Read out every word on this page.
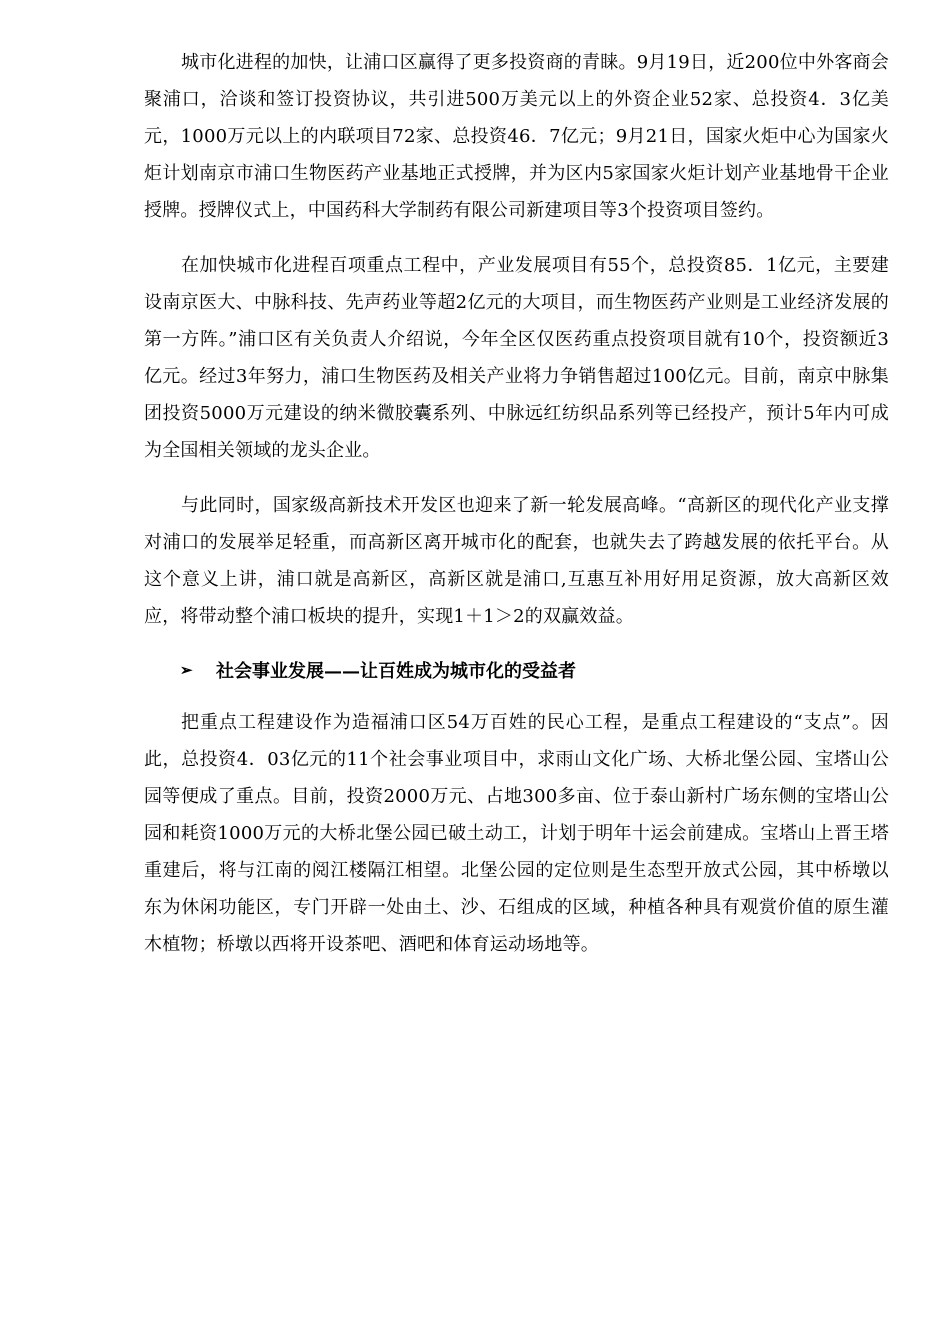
城市化进程的加快，让浦口区赢得了更多投资商的青睐。9月19日，近200位中外客商会聚浦口，洽谈和签订投资协议，共引进500万美元以上的外资企业52家、总投资4．3亿美元，1000万元以上的内联项目72家、总投资46．7亿元；9月21日，国家火炬中心为国家火炬计划南京市浦口生物医药产业基地正式授牌，并为区内5家国家火炬计划产业基地骨干企业授牌。授牌仪式上，中国药科大学制药有限公司新建项目等3个投资项目签约。

在加快城市化进程百项重点工程中，产业发展项目有55个，总投资85．1亿元，主要建设南京医大、中脉科技、先声药业等超2亿元的大项目，而生物医药产业则是工业经济发展的第一方阵。”浦口区有关负责人介绍说，今年全区仅医药重点投资项目就有10个，投资额近3亿元。经过3年努力，浦口生物医药及相关产业将力争销售超过100亿元。目前，南京中脉集团投资5000万元建设的纳米微胶囊系列、中脉远红纺织品系列等已经投产，预计5年内可成为全国相关领域的龙头企业。

与此同时，国家级高新技术开发区也迎来了新一轮发展高峰。“高新区的现代化产业支撑对浦口的发展举足轻重，而高新区离开城市化的配套，也就失去了跨越发展的依托平台。从这个意义上讲，浦口就是高新区，高新区就是浦口,互惠互补用好用足资源，放大高新区效应，将带动整个浦口板块的提升，实现1＋1＞2的双赢效益。

➢	社会事业发展——让百姓成为城市化的受益者

把重点工程建设作为造福浦口区54万百姓的民心工程，是重点工程建设的“支点”。因此，总投资4．03亿元的11个社会事业项目中，求雨山文化广场、大桥北堡公园、宝塔山公园等便成了重点。目前，投资2000万元、占地300多亩、位于泰山新村广场东侧的宝塔山公园和耗资1000万元的大桥北堡公园已破土动工，计划于明年十运会前建成。宝塔山上晋王塔重建后，将与江南的阅江楼隔江相望。北堡公园的定位则是生态型开放式公园，其中桥墩以东为休闲功能区，专门开辟一处由土、沙、石组成的区域，种植各种具有观赏价值的原生灌木植物；桥墩以西将开设茶吧、酒吧和体育运动场地等。
